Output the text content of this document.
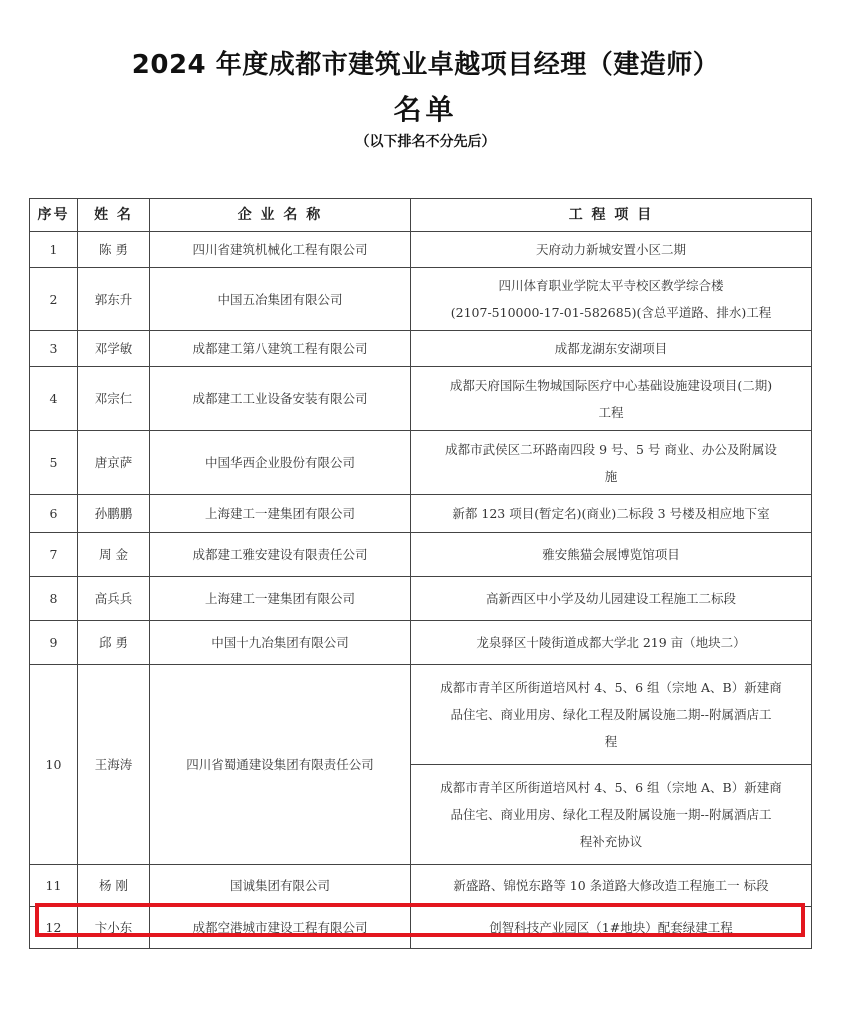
2024 年度成都市建筑业卓越项目经理（建造师）
名单
（以下排名不分先后）
序号	姓 名	企 业 名 称	工 程 项 目
1	陈 勇	四川省建筑机械化工程有限公司	天府动力新城安置小区二期
2	郭东升	中国五冶集团有限公司	四川体育职业学院太平寺校区教学综合楼
(2107-510000-17-01-582685)(含总平道路、排水)工程
3	邓学敏	成都建工第八建筑工程有限公司	成都龙湖东安湖项目
4	邓宗仁	成都建工工业设备安装有限公司	成都天府国际生物城国际医疗中心基础设施建设项目(二期)
工程
5	唐京萨	中国华西企业股份有限公司	成都市武侯区二环路南四段 9 号、5 号 商业、办公及附属设
施
6	孙鹏鹏	上海建工一建集团有限公司	新都 123 项目(暂定名)(商业)二标段 3 号楼及相应地下室
7	周 金	成都建工雅安建设有限责任公司	雅安熊猫会展博览馆项目
8	高兵兵	上海建工一建集团有限公司	高新西区中小学及幼儿园建设工程施工二标段
9	邱 勇	中国十九冶集团有限公司	龙泉驿区十陵街道成都大学北 219 亩（地块二）
10	王海涛	四川省蜀通建设集团有限责任公司	成都市青羊区所街道培风村 4、5、6 组（宗地 A、B）新建商
品住宅、商业用房、绿化工程及附属设施二期--附属酒店工
程
			成都市青羊区所街道培风村 4、5、6 组（宗地 A、B）新建商
品住宅、商业用房、绿化工程及附属设施一期--附属酒店工
程补充协议
11	杨 刚	国诚集团有限公司	新盛路、锦悦东路等 10 条道路大修改造工程施工一 标段
12	卞小东	成都空港城市建设工程有限公司	创智科技产业园区（1#地块）配套绿建工程
